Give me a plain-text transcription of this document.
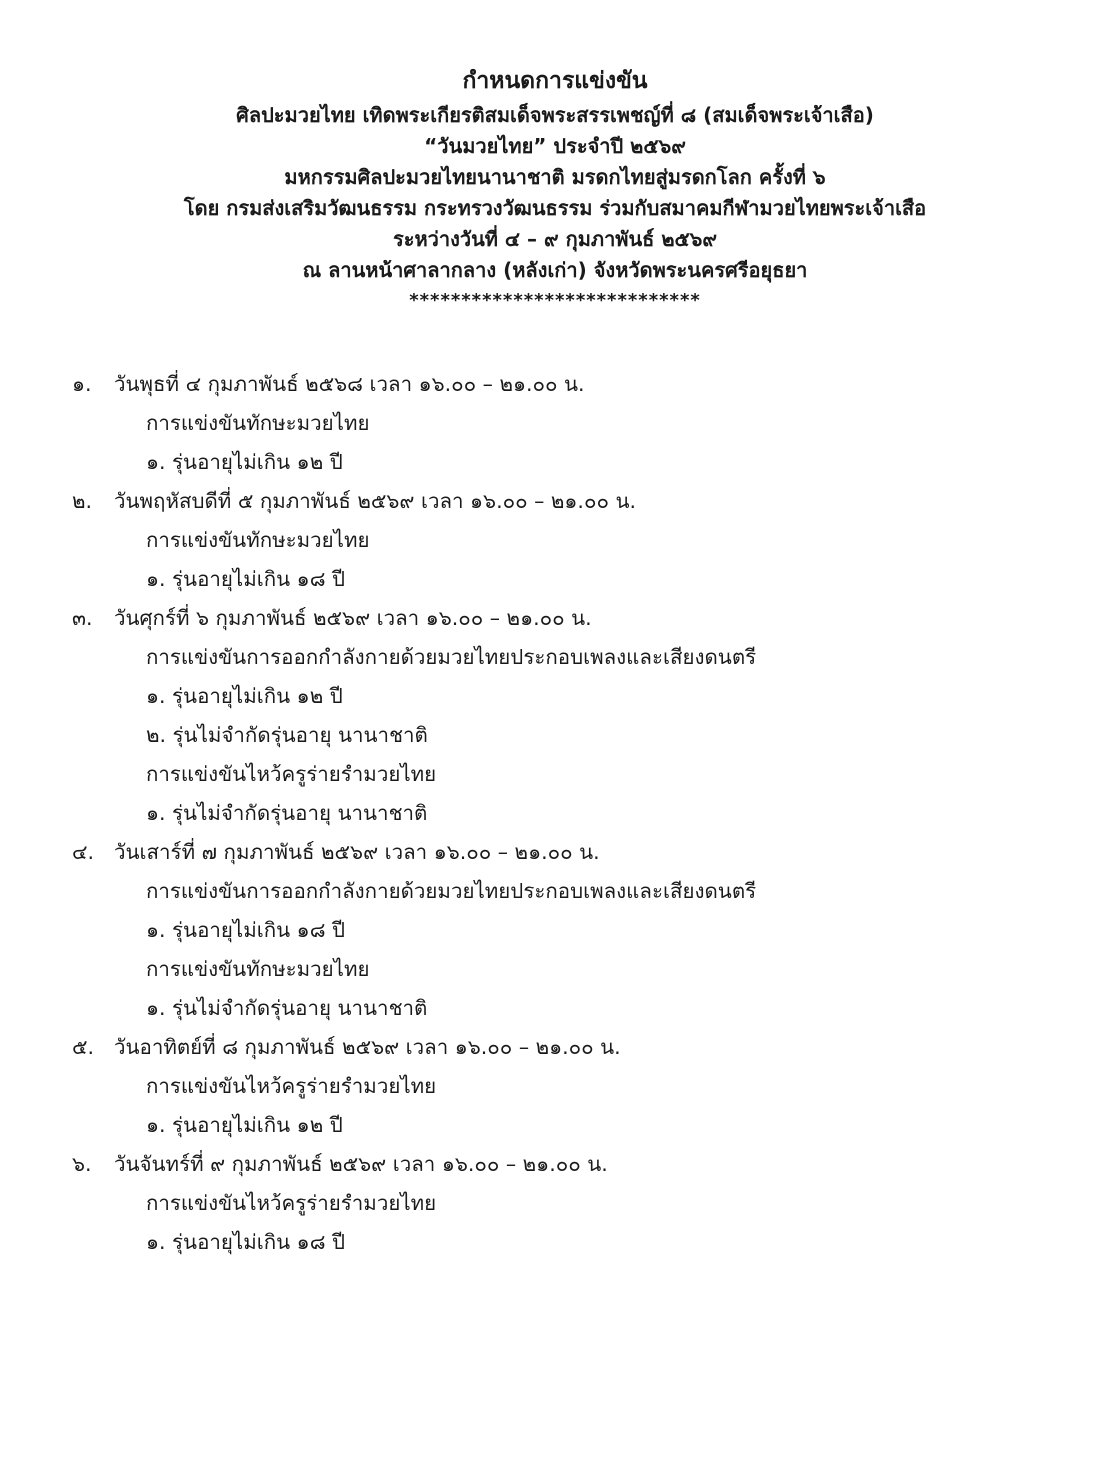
กำหนดการแข่งขัน
ศิลปะมวยไทย เทิดพระเกียรติสมเด็จพระสรรเพชญ์ที่ ๘ (สมเด็จพระเจ้าเสือ)
“วันมวยไทย” ประจำปี ๒๕๖๙
มหกรรมศิลปะมวยไทยนานาชาติ มรดกไทยสู่มรดกโลก ครั้งที่ ๖
โดย กรมส่งเสริมวัฒนธรรม กระทรวงวัฒนธรรม ร่วมกับสมาคมกีฬามวยไทยพระเจ้าเสือ
ระหว่างวันที่ ๔ – ๙ กุมภาพันธ์ ๒๕๖๙
ณ ลานหน้าศาลากลาง (หลังเก่า) จังหวัดพระนครศรีอยุธยา
****************************
๑. วันพุธที่ ๔ กุมภาพันธ์ ๒๕๖๘ เวลา ๑๖.๐๐ – ๒๑.๐๐ น.
การแข่งขันทักษะมวยไทย
๑. รุ่นอายุไม่เกิน ๑๒ ปี
๒. วันพฤหัสบดีที่ ๕ กุมภาพันธ์ ๒๕๖๙ เวลา ๑๖.๐๐ – ๒๑.๐๐ น.
การแข่งขันทักษะมวยไทย
๑. รุ่นอายุไม่เกิน ๑๘ ปี
๓. วันศุกร์ที่ ๖ กุมภาพันธ์ ๒๕๖๙ เวลา ๑๖.๐๐ – ๒๑.๐๐ น.
การแข่งขันการออกกำลังกายด้วยมวยไทยประกอบเพลงและเสียงดนตรี
๑. รุ่นอายุไม่เกิน ๑๒ ปี
๒. รุ่นไม่จำกัดรุ่นอายุ นานาชาติ
การแข่งขันไหว้ครูร่ายรำมวยไทย
๑. รุ่นไม่จำกัดรุ่นอายุ นานาชาติ
๔. วันเสาร์ที่ ๗ กุมภาพันธ์ ๒๕๖๙ เวลา ๑๖.๐๐ – ๒๑.๐๐ น.
การแข่งขันการออกกำลังกายด้วยมวยไทยประกอบเพลงและเสียงดนตรี
๑. รุ่นอายุไม่เกิน ๑๘ ปี
การแข่งขันทักษะมวยไทย
๑. รุ่นไม่จำกัดรุ่นอายุ นานาชาติ
๕. วันอาทิตย์ที่ ๘ กุมภาพันธ์ ๒๕๖๙ เวลา ๑๖.๐๐ – ๒๑.๐๐ น.
การแข่งขันไหว้ครูร่ายรำมวยไทย
๑. รุ่นอายุไม่เกิน ๑๒ ปี
๖. วันจันทร์ที่ ๙ กุมภาพันธ์ ๒๕๖๙ เวลา ๑๖.๐๐ – ๒๑.๐๐ น.
การแข่งขันไหว้ครูร่ายรำมวยไทย
๑. รุ่นอายุไม่เกิน ๑๘ ปี
